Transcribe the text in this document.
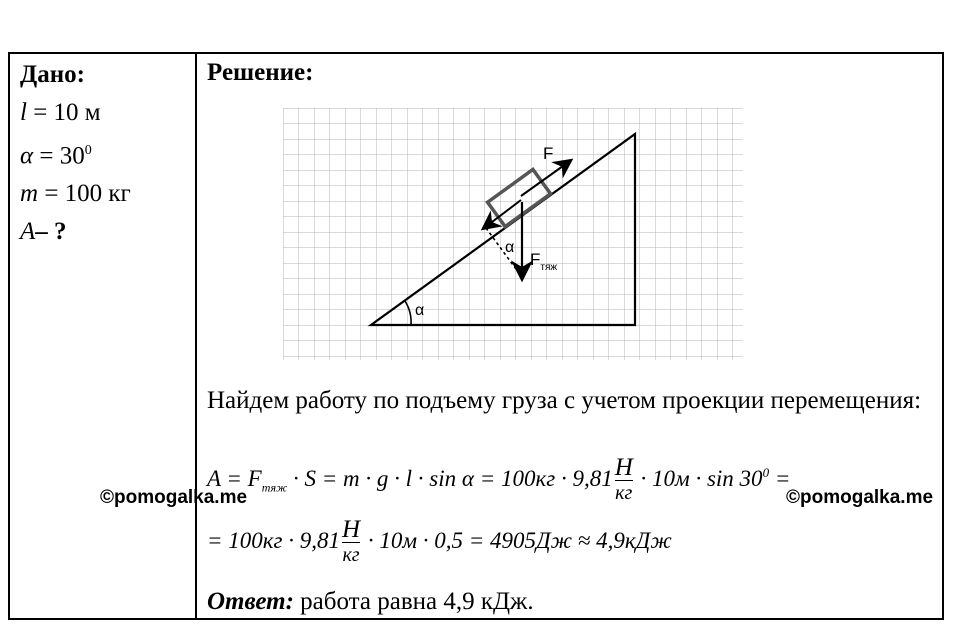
Дано:
l = 10 м
$\alpha = 30^0$
m = 100 кг
A– ?
Решение:
F
α
$F_{тяж}$
α
Найдем работу по подъему груза с учетом проекции перемещения:
$A = F_{тяж} \cdot S = m \cdot g \cdot l \cdot \sin \alpha = 100кг \cdot 9,81 \frac{Н}{кг} \cdot 10м \cdot \sin 30^0$ =
= $100кг \cdot 9,81 \frac{Н}{кг} \cdot 10м \cdot 0,5 = 4905Дж \approx 4,9кДж$
Ответ: работа равна 4,9 кДж.
©pomogalka.me	©pomogalka.me
